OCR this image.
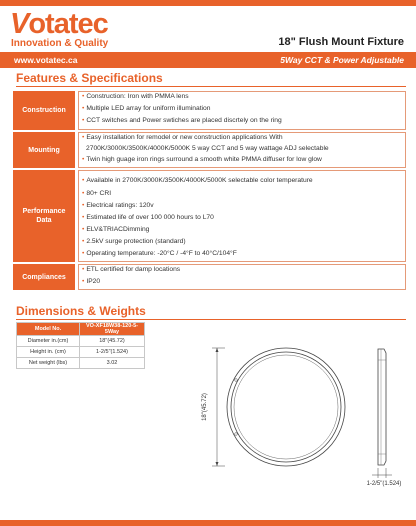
Votatec
Innovation & Quality	18" Flush Mount Fixture
www.votatec.ca	5Way CCT & Power Adjustable
Features & Specifications
Construction
• Construction: Iron with PMMA lens
• Multiple LED array for uniform illumination
• CCT switches and Power swtiches are placed discrtely on the ring
Mounting
• Easy installation for remodel or new construction applications With
2700K/3000K/3500K/4000K/5000K 5 way CCT and 5 way wattage ADJ selectable
• Twin high guage iron rings surround a smooth white PMMA diffuser for low glow
Performance Data
• Available in 2700K/3000K/3500K/4000K/5000K selectable color temperature
• 80+ CRI
• Electrical ratings: 120v
• Estimated life of over 100 000 hours to L70
• ELV&TRIACDimming
• 2.5kV surge protection (standard)
• Operating temperature: -20°C / -4°F to 40°C/104°F
Compliances
• ETL certified for damp locations
• IP20
Dimensions & Weights
Model No.	VO-XF18W38-120-5-5Way
Diameter in.(cm)	18"(45.72)
Height in. (cm)	1-2/5"(1.524)
Net weight (lbs)	3.02
18"(45.72)
1-2/5"(1.524)
